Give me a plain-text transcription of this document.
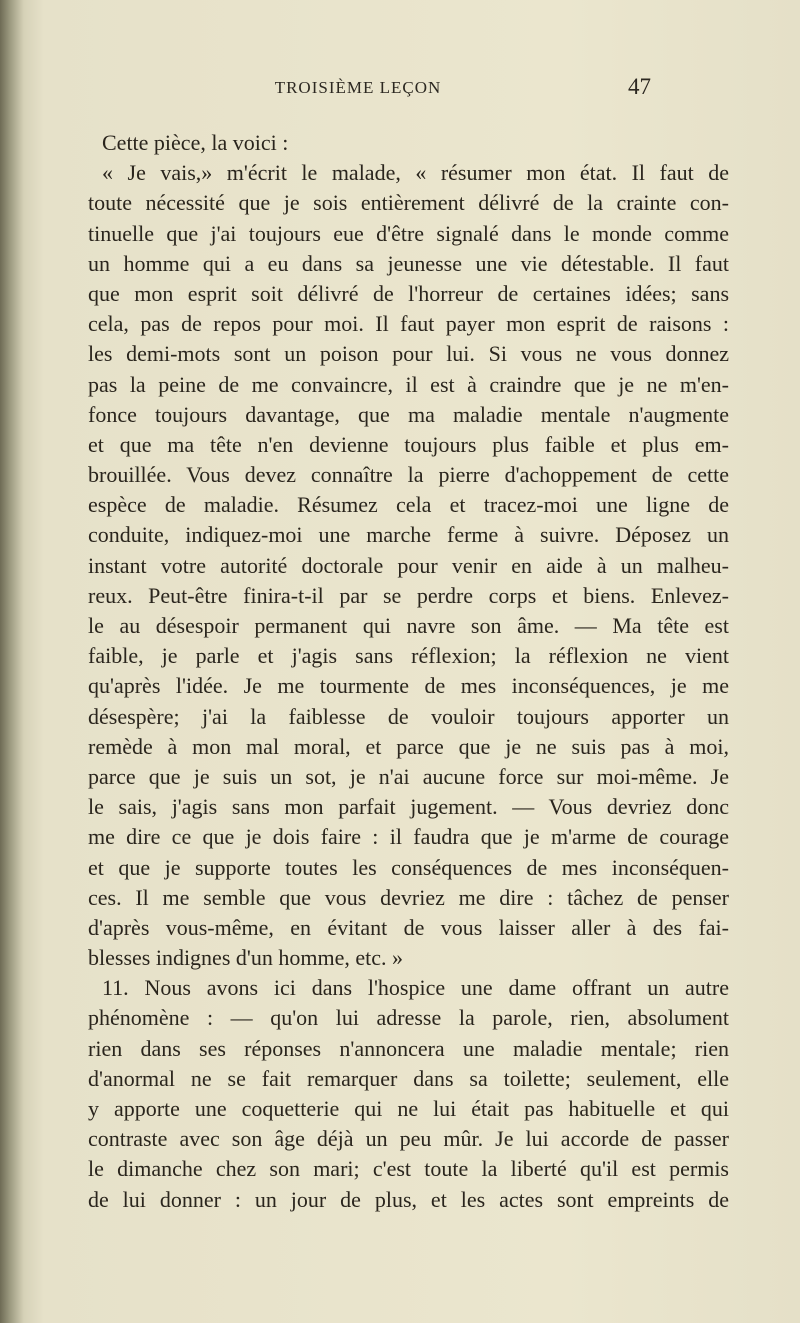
TROISIÈME LEÇON	47
Cette pièce, la voici :
« Je vais,» m'écrit le malade, « résumer mon état. Il faut de
toute nécessité que je sois entièrement délivré de la crainte con-
tinuelle que j'ai toujours eue d'être signalé dans le monde comme
un homme qui a eu dans sa jeunesse une vie détestable. Il faut
que mon esprit soit délivré de l'horreur de certaines idées; sans
cela, pas de repos pour moi. Il faut payer mon esprit de raisons :
les demi-mots sont un poison pour lui. Si vous ne vous donnez
pas la peine de me convaincre, il est à craindre que je ne m'en-
fonce toujours davantage, que ma maladie mentale n'augmente
et que ma tête n'en devienne toujours plus faible et plus em-
brouillée. Vous devez connaître la pierre d'achoppement de cette
espèce de maladie. Résumez cela et tracez-moi une ligne de
conduite, indiquez-moi une marche ferme à suivre. Déposez un
instant votre autorité doctorale pour venir en aide à un malheu-
reux. Peut-être finira-t-il par se perdre corps et biens. Enlevez-
le au désespoir permanent qui navre son âme. — Ma tête est
faible, je parle et j'agis sans réflexion; la réflexion ne vient
qu'après l'idée. Je me tourmente de mes inconséquences, je me
désespère; j'ai la faiblesse de vouloir toujours apporter un
remède à mon mal moral, et parce que je ne suis pas à moi,
parce que je suis un sot, je n'ai aucune force sur moi-même. Je
le sais, j'agis sans mon parfait jugement. — Vous devriez donc
me dire ce que je dois faire : il faudra que je m'arme de courage
et que je supporte toutes les conséquences de mes inconséquen-
ces. Il me semble que vous devriez me dire : tâchez de penser
d'après vous-même, en évitant de vous laisser aller à des fai-
blesses indignes d'un homme, etc. »
11. Nous avons ici dans l'hospice une dame offrant un autre
phénomène : — qu'on lui adresse la parole, rien, absolument
rien dans ses réponses n'annoncera une maladie mentale; rien
d'anormal ne se fait remarquer dans sa toilette; seulement, elle
y apporte une coquetterie qui ne lui était pas habituelle et qui
contraste avec son âge déjà un peu mûr. Je lui accorde de passer
le dimanche chez son mari; c'est toute la liberté qu'il est permis
de lui donner : un jour de plus, et les actes sont empreints de
